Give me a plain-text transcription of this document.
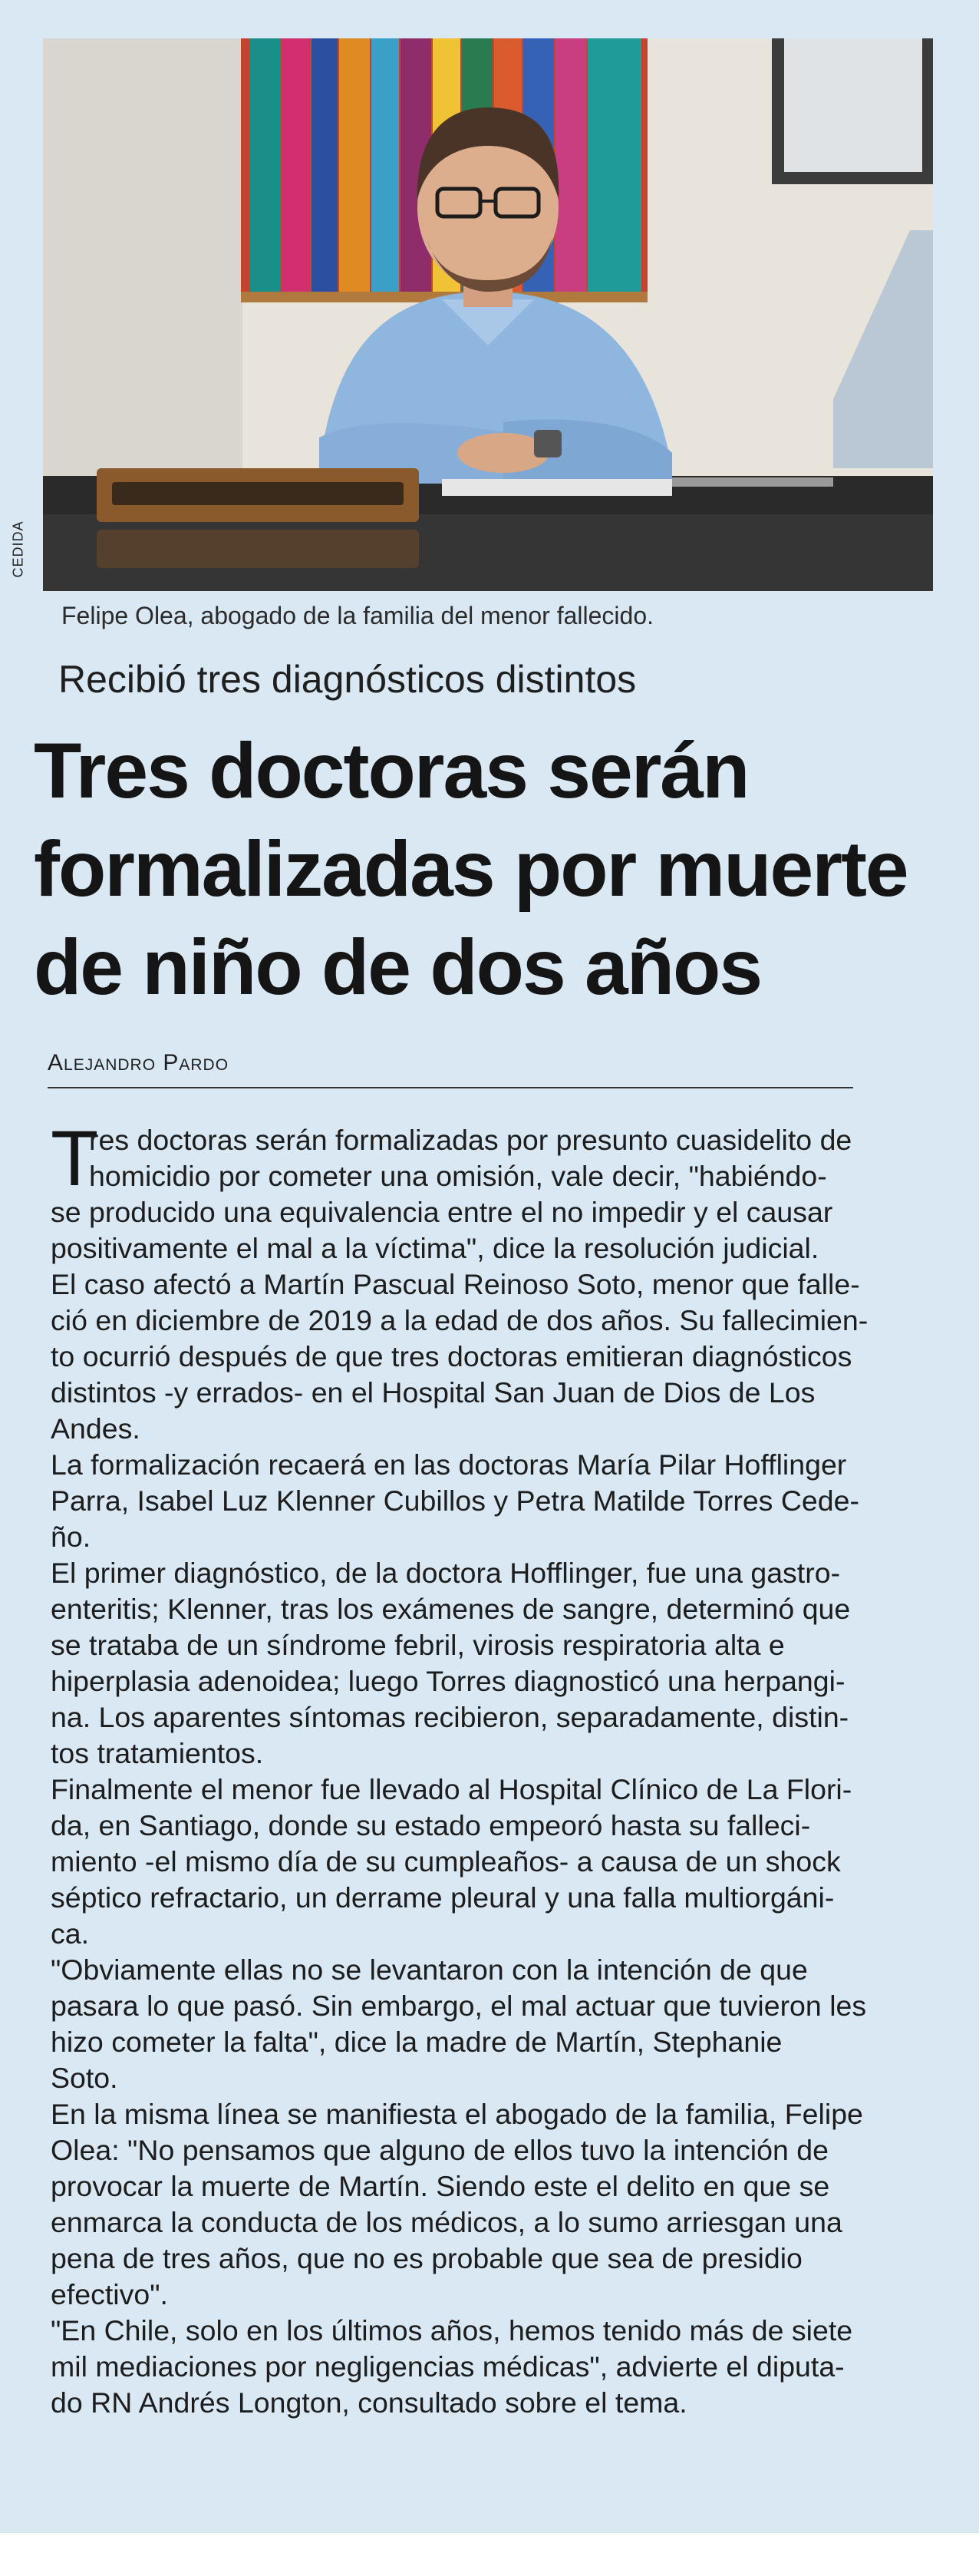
CEDIDA
Felipe Olea, abogado de la familia del menor fallecido.
Recibió tres diagnósticos distintos
Tres doctoras serán
formalizadas por muerte
de niño de dos años
Alejandro Pardo
T
res doctoras serán formalizadas por presunto cuasidelito de
homicidio por cometer una omisión, vale decir, "habiéndo-
se producido una equivalencia entre el no impedir y el causar
positivamente el mal a la víctima", dice la resolución judicial.
El caso afectó a Martín Pascual Reinoso Soto, menor que falle-
ció en diciembre de 2019 a la edad de dos años. Su fallecimien-
to ocurrió después de que tres doctoras emitieran diagnósticos
distintos -y errados- en el Hospital San Juan de Dios de Los
Andes.
La formalización recaerá en las doctoras María Pilar Hofflinger
Parra, Isabel Luz Klenner Cubillos y Petra Matilde Torres Cede-
ño.
El primer diagnóstico, de la doctora Hofflinger, fue una gastro-
enteritis; Klenner, tras los exámenes de sangre, determinó que
se trataba de un síndrome febril, virosis respiratoria alta e
hiperplasia adenoidea; luego Torres diagnosticó una herpangi-
na. Los aparentes síntomas recibieron, separadamente, distin-
tos tratamientos.
Finalmente el menor fue llevado al Hospital Clínico de La Flori-
da, en Santiago, donde su estado empeoró hasta su falleci-
miento -el mismo día de su cumpleaños- a causa de un shock
séptico refractario, un derrame pleural y una falla multiorgáni-
ca.
"Obviamente ellas no se levantaron con la intención de que
pasara lo que pasó. Sin embargo, el mal actuar que tuvieron les
hizo cometer la falta", dice la madre de Martín, Stephanie
Soto.
En la misma línea se manifiesta el abogado de la familia, Felipe
Olea: "No pensamos que alguno de ellos tuvo la intención de
provocar la muerte de Martín. Siendo este el delito en que se
enmarca la conducta de los médicos, a lo sumo arriesgan una
pena de tres años, que no es probable que sea de presidio
efectivo".
"En Chile, solo en los últimos años, hemos tenido más de siete
mil mediaciones por negligencias médicas", advierte el diputa-
do RN Andrés Longton, consultado sobre el tema.
